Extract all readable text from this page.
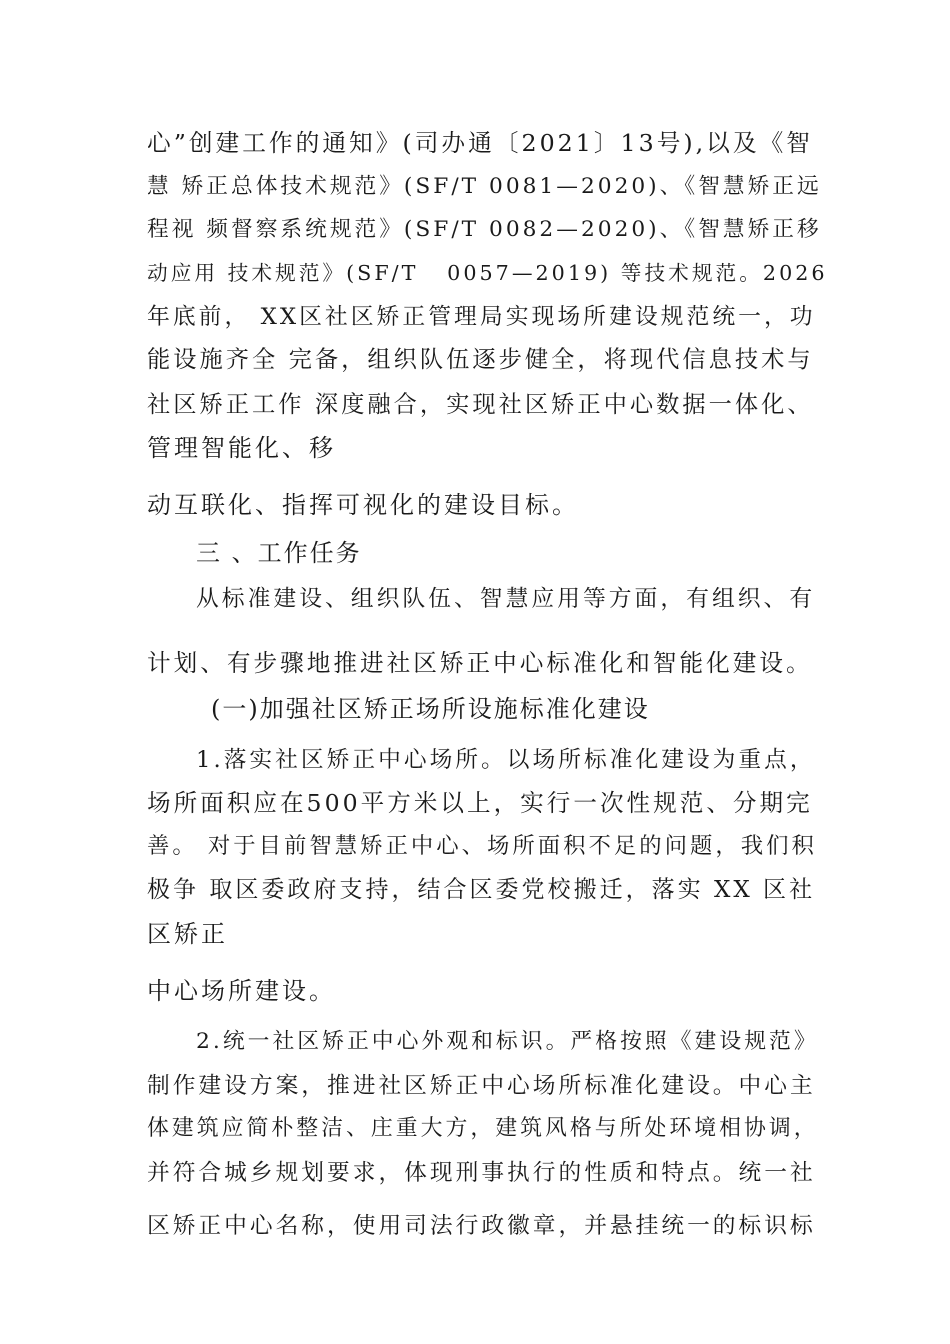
心”创建工作的通知》(司办通〔2021〕13号),以及《智
慧 矫正总体技术规范》(SF/T 0081—2020)、《智慧矫正远
程视 频督察系统规范》(SF/T 0082—2020)、《智慧矫正移
动应用 技术规范》(SF/T   0057—2019) 等技术规范。2026
年底前， XX区社区矫正管理局实现场所建设规范统一，功
能设施齐全 完备，组织队伍逐步健全，将现代信息技术与
社区矫正工作 深度融合，实现社区矫正中心数据一体化、
管理智能化、移
动互联化、指挥可视化的建设目标。
三 、工作任务
从标准建设、组织队伍、智慧应用等方面，有组织、有
计划、有步骤地推进社区矫正中心标准化和智能化建设。
(一)加强社区矫正场所设施标准化建设
1.落实社区矫正中心场所。以场所标准化建设为重点，
场所面积应在500平方米以上，实行一次性规范、分期完
善。 对于目前智慧矫正中心、场所面积不足的问题，我们积
极争 取区委政府支持，结合区委党校搬迁，落实 XX 区社
区矫正
中心场所建设。
2.统一社区矫正中心外观和标识。严格按照《建设规范》
制作建设方案，推进社区矫正中心场所标准化建设。中心主
体建筑应简朴整洁、庄重大方，建筑风格与所处环境相协调，
并符合城乡规划要求，体现刑事执行的性质和特点。统一社
区矫正中心名称，使用司法行政徽章，并悬挂统一的标识标
